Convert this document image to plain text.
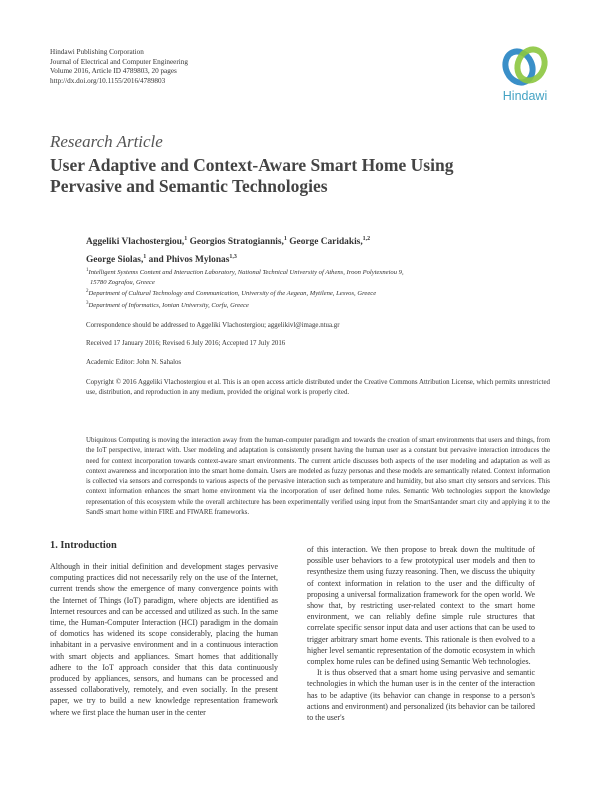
Hindawi Publishing Corporation
Journal of Electrical and Computer Engineering
Volume 2016, Article ID 4789803, 20 pages
http://dx.doi.org/10.1155/2016/4789803
Hindawi
Research Article
User Adaptive and Context-Aware Smart Home Using
Pervasive and Semantic Technologies
Aggeliki Vlachostergiou,$^1$ Georgios Stratogiannis,$^1$ George Caridakis,$^{1,2}$
George Siolas,$^1$ and Phivos Mylonas$^{1,3}$
$^1$Intelligent Systems Content and Interaction Laboratory, National Technical University of Athens, Iroon Polytexneiou 9,
15780 Zografou, Greece
$^2$Department of Cultural Technology and Communication, University of the Aegean, Mytilene, Lesvos, Greece
$^3$Department of Informatics, Ionian University, Corfu, Greece
Correspondence should be addressed to Aggeliki Vlachostergiou; aggelikivl@image.ntua.gr
Received 17 January 2016; Revised 6 July 2016; Accepted 17 July 2016
Academic Editor: John N. Sahalos
Copyright © 2016 Aggeliki Vlachostergiou et al. This is an open access article distributed under the Creative Commons Attribution License, which permits unrestricted use, distribution, and reproduction in any medium, provided the original work is properly cited.
Ubiquitous Computing is moving the interaction away from the human-computer paradigm and towards the creation of smart environments that users and things, from the IoT perspective, interact with. User modeling and adaptation is consistently present having the human user as a constant but pervasive interaction introduces the need for context incorporation towards context-aware smart environments. The current article discusses both aspects of the user modeling and adaptation as well as context awareness and incorporation into the smart home domain. Users are modeled as fuzzy personas and these models are semantically related. Context information is collected via sensors and corresponds to various aspects of the pervasive interaction such as temperature and humidity, but also smart city sensors and services. This context information enhances the smart home environment via the incorporation of user defined home rules. Semantic Web technologies support the knowledge representation of this ecosystem while the overall architecture has been experimentally verified using input from the SmartSantander smart city and applying it to the SandS smart home within FIRE and FIWARE frameworks.
1. Introduction

Although in their initial definition and development stages pervasive computing practices did not necessarily rely on the use of the Internet, current trends show the emergence of many convergence points with the Internet of Things (IoT) paradigm, where objects are identified as Internet resources and can be accessed and utilized as such. In the same time, the Human-Computer Interaction (HCI) paradigm in the domain of domotics has widened its scope considerably, placing the human inhabitant in a pervasive environment and in a continuous interaction with smart objects and appliances. Smart homes that additionally adhere to the IoT approach consider that this data continuously produced by appliances, sensors, and humans can be processed and assessed collaboratively, remotely, and even socially. In the present paper, we try to build a new knowledge representation framework where we first place the human user in the center

of this interaction. We then propose to break down the multitude of possible user behaviors to a few prototypical user models and then to resynthesize them using fuzzy reasoning. Then, we discuss the ubiquity of context information in relation to the user and the difficulty of proposing a universal formalization framework for the open world. We show that, by restricting user-related context to the smart home environment, we can reliably define simple rule structures that correlate specific sensor input data and user actions that can be used to trigger arbitrary smart home events. This rationale is then evolved to a higher level semantic representation of the domotic ecosystem in which complex home rules can be defined using Semantic Web technologies.

It is thus observed that a smart home using pervasive and semantic technologies in which the human user is in the center of the interaction has to be adaptive (its behavior can change in response to a person's actions and environment) and personalized (its behavior can be tailored to the user's
